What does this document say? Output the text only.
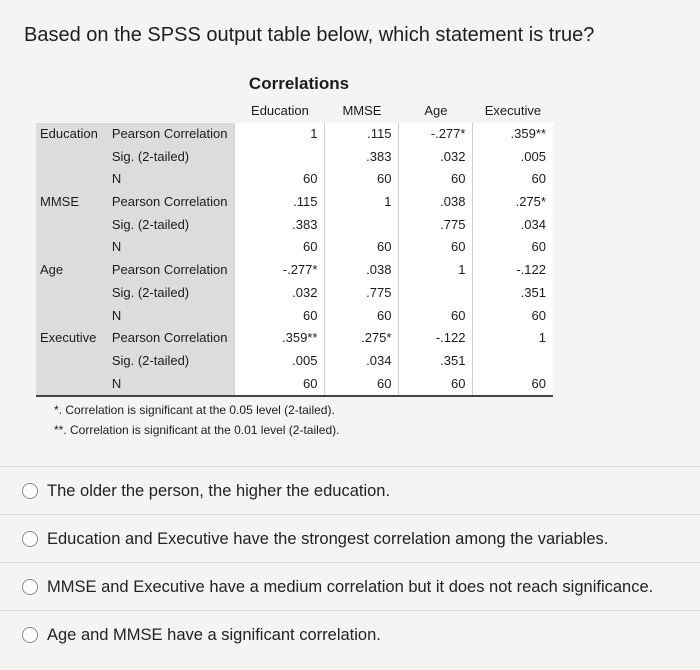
Based on the SPSS output table below, which statement is true?
Correlations
		Education	MMSE	Age	Executive
Education	Pearson Correlation	1	.115	-.277*	.359**
	Sig. (2-tailed)		.383	.032	.005
	N	60	60	60	60
MMSE	Pearson Correlation	.115	1	.038	.275*
	Sig. (2-tailed)	.383		.775	.034
	N	60	60	60	60
Age	Pearson Correlation	-.277*	.038	1	-.122
	Sig. (2-tailed)	.032	.775		.351
	N	60	60	60	60
Executive	Pearson Correlation	.359**	.275*	-.122	1
	Sig. (2-tailed)	.005	.034	.351	
	N	60	60	60	60
*. Correlation is significant at the 0.05 level (2-tailed).
**. Correlation is significant at the 0.01 level (2-tailed).
The older the person, the higher the education.
Education and Executive have the strongest correlation among the variables.
MMSE and Executive have a medium correlation but it does not reach significance.
Age and MMSE have a significant correlation.
